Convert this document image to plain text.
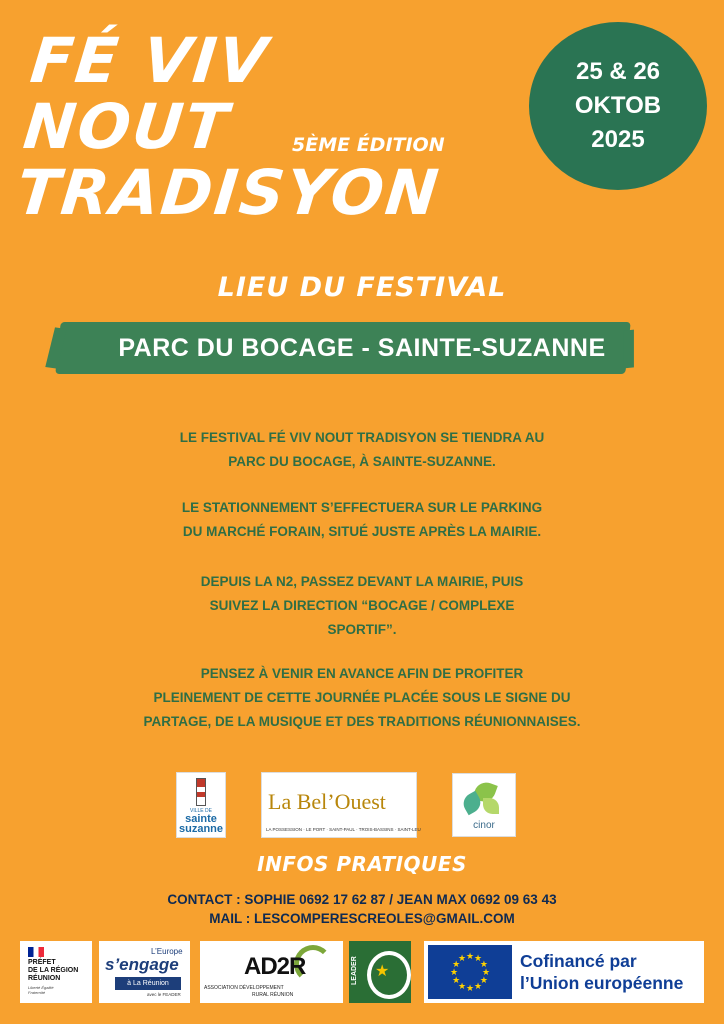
FÉ VIV
NOUT
TRADISYON
5ÈME ÉDITION
25 & 26
OKTOB
2025
LIEU DU FESTIVAL
PARC DU BOCAGE - SAINTE-SUZANNE
LE FESTIVAL FÉ VIV NOUT TRADISYON SE TIENDRA AU
PARC DU BOCAGE, À SAINTE-SUZANNE.
LE STATIONNEMENT S’EFFECTUERA SUR LE PARKING
DU MARCHÉ FORAIN, SITUÉ JUSTE APRÈS LA MAIRIE.
DEPUIS LA N2, PASSEZ DEVANT LA MAIRIE, PUIS
SUIVEZ LA DIRECTION “BOCAGE / COMPLEXE
SPORTIF”.
PENSEZ À VENIR EN AVANCE AFIN DE PROFITER
PLEINEMENT DE CETTE JOURNÉE PLACÉE SOUS LE SIGNE DU
PARTAGE, DE LA MUSIQUE ET DES TRADITIONS RÉUNIONNAISES.
VILLE DE
sainte
suzanne
La Bel’Ouest
LA POSSESSION · LE PORT · SAINT-PAUL · TROIS-BASSINS · SAINT-LEU	cinor
INFOS PRATIQUES
CONTACT : SOPHIE 0692 17 62 87 / JEAN MAX 0692 09 63 43
MAIL : LESCOMPERESCREOLES@GMAIL.COM
PRÉFET
DE LA RÉGION
RÉUNION
Liberté Égalité Fraternité
L’Europe
s’engage
à La Réunion
avec le FEADER
AD2R
ASSOCIATION DÉVELOPPEMENT
RURAL RÉUNION
LEADER ★	★
★
★
★
★
★
★
★
★ ★ ★
★ Cofinancé par
l’Union européenne
